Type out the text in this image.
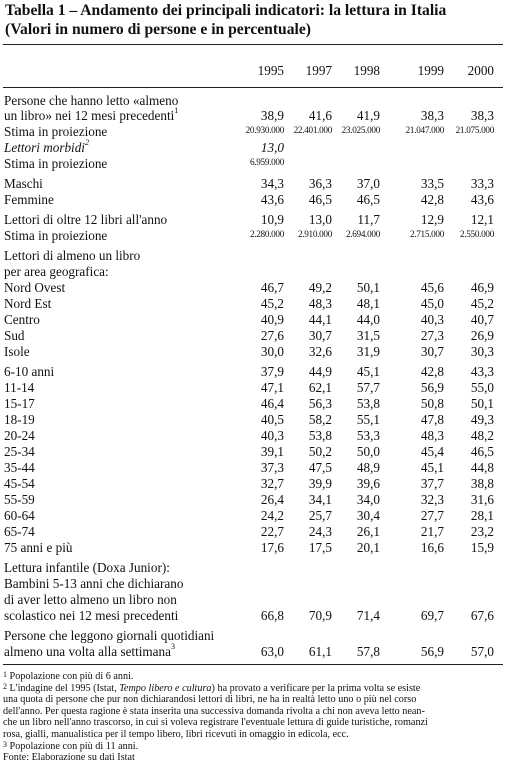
Tabella 1 – Andamento dei principali indicatori: la lettura in Italia
(Valori in numero di persone e in percentuale)
1995	1997	1998	1999	2000
Persone che hanno letto «almeno
un libro» nei 12 mesi precedenti$^1$	38,9	41,6	41,9	38,3	38,3
Stima in proiezione	20.930.000	22.401.000	23.025.000	21.047.000	21.075.000
Lettori morbidi$^2$	13,0
Stima in proiezione	6.959.000
Maschi	34,3	36,3	37,0	33,5	33,3
Femmine	43,6	46,5	46,5	42,8	43,6
Lettori di oltre 12 libri all'anno	10,9	13,0	11,7	12,9	12,1
Stima in proiezione	2.280.000	2.910.000	2.694.000	2.715.000	2.550.000
Lettori di almeno un libro
per area geografica:
Nord Ovest	46,7	49,2	50,1	45,6	46,9
Nord Est	45,2	48,3	48,1	45,0	45,2
Centro	40,9	44,1	44,0	40,3	40,7
Sud	27,6	30,7	31,5	27,3	26,9
Isole	30,0	32,6	31,9	30,7	30,3
6-10 anni	37,9	44,9	45,1	42,8	43,3
11-14	47,1	62,1	57,7	56,9	55,0
15-17	46,4	56,3	53,8	50,8	50,1
18-19	40,5	58,2	55,1	47,8	49,3
20-24	40,3	53,8	53,3	48,3	48,2
25-34	39,1	50,2	50,0	45,4	46,5
35-44	37,3	47,5	48,9	45,1	44,8
45-54	32,7	39,9	39,6	37,7	38,8
55-59	26,4	34,1	34,0	32,3	31,6
60-64	24,2	25,7	30,4	27,7	28,1
65-74	22,7	24,3	26,1	21,7	23,2
75 anni e più	17,6	17,5	20,1	16,6	15,9
Lettura infantile (Doxa Junior):
Bambini 5-13 anni che dichiarano
di aver letto almeno un libro non
scolastico nei 12 mesi precedenti	66,8	70,9	71,4	69,7	67,6
Persone che leggono giornali quotidiani
almeno una volta alla settimana$^3$	63,0	61,1	57,8	56,9	57,0
$^1$ Popolazione con più di 6 anni.
$^2$ L'indagine del 1995 (Istat, Tempo libero e cultura) ha provato a verificare per la prima volta se esiste
una quota di persone che pur non dichiarandosi lettori di libri, ne ha in realtà letto uno o più nel corso
dell'anno. Per questa ragione è stata inserita una successiva domanda rivolta a chi non aveva letto nean-
che un libro nell'anno trascorso, in cui si voleva registrare l'eventuale lettura di guide turistiche, romanzi
rosa, gialli, manualistica per il tempo libero, libri ricevuti in omaggio in edicola, ecc.
$^3$ Popolazione con più di 11 anni.
Fonte: Elaborazione su dati Istat
